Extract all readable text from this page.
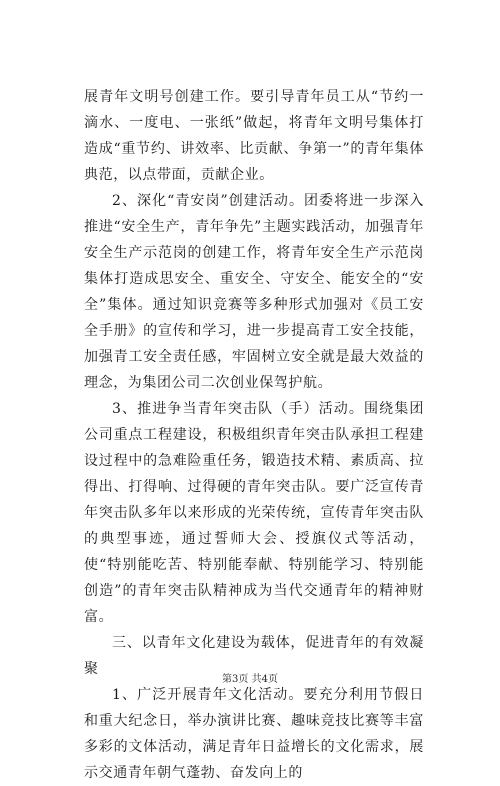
展青年文明号创建工作。要引导青年员工从“节约一滴水、一度电、一张纸”做起，将青年文明号集体打造成“重节约、讲效率、比贡献、争第一”的青年集体典范，以点带面，贡献企业。

2、深化“青安岗”创建活动。团委将进一步深入推进“安全生产，青年争先”主题实践活动，加强青年安全生产示范岗的创建工作，将青年安全生产示范岗集体打造成思安全、重安全、守安全、能安全的“安全”集体。通过知识竞赛等多种形式加强对《员工安全手册》的宣传和学习，进一步提高青工安全技能，加强青工安全责任感，牢固树立安全就是最大效益的理念，为集团公司二次创业保驾护航。

3、推进争当青年突击队（手）活动。围绕集团公司重点工程建设，积极组织青年突击队承担工程建设过程中的急难险重任务，锻造技术精、素质高、拉得出、打得响、过得硬的青年突击队。要广泛宣传青年突击队多年以来形成的光荣传统，宣传青年突击队的典型事迹，通过誓师大会、授旗仪式等活动，使“特别能吃苦、特别能奉献、特别能学习、特别能创造”的青年突击队精神成为当代交通青年的精神财富。

三、以青年文化建设为载体，促进青年的有效凝聚

1、广泛开展青年文化活动。要充分利用节假日和重大纪念日，举办演讲比赛、趣味竞技比赛等丰富多彩的文体活动，满足青年日益增长的文化需求，展示交通青年朝气蓬勃、奋发向上的

第3页 共4页
